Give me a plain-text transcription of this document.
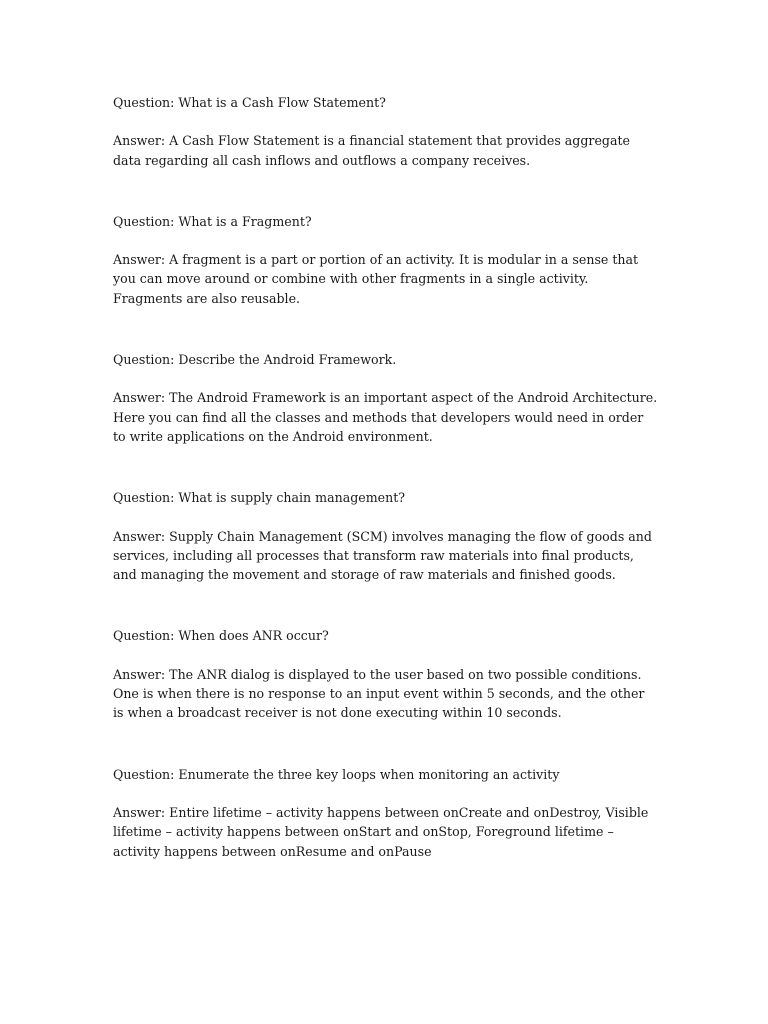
Question: What is a Cash Flow Statement?

Answer: A Cash Flow Statement is a financial statement that provides aggregate data regarding all cash inflows and outflows a company receives.

Question: What is a Fragment?

Answer: A fragment is a part or portion of an activity. It is modular in a sense that you can move around or combine with other fragments in a single activity. Fragments are also reusable.

Question: Describe the Android Framework.

Answer: The Android Framework is an important aspect of the Android Architecture. Here you can find all the classes and methods that developers would need in order to write applications on the Android environment.

Question: What is supply chain management?

Answer: Supply Chain Management (SCM) involves managing the flow of goods and services, including all processes that transform raw materials into final products, and managing the movement and storage of raw materials and finished goods.

Question: When does ANR occur?

Answer: The ANR dialog is displayed to the user based on two possible conditions. One is when there is no response to an input event within 5 seconds, and the other is when a broadcast receiver is not done executing within 10 seconds.

Question: Enumerate the three key loops when monitoring an activity

Answer: Entire lifetime – activity happens between onCreate and onDestroy, Visible lifetime – activity happens between onStart and onStop, Foreground lifetime – activity happens between onResume and onPause
